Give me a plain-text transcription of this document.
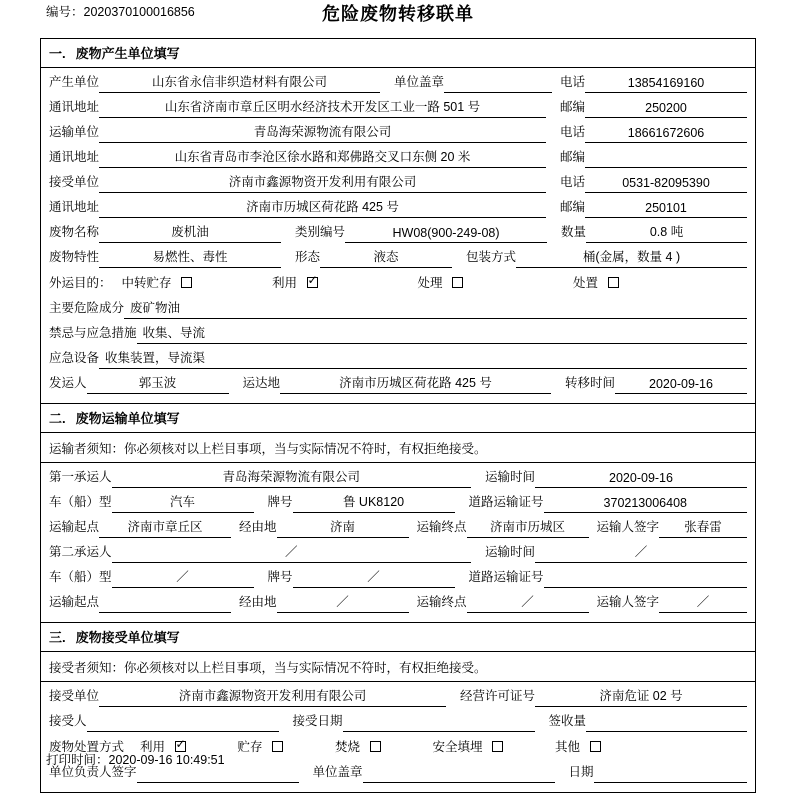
编号：2020370100016856	危险废物转移联单
一. 废物产生单位填写
产生单位	山东省永信非织造材料有限公司	单位盖章	电话	13854169160
通讯地址	山东省济南市章丘区明水经济技术开发区工业一路 501 号	邮编	250200
运输单位	青岛海荣源物流有限公司	电话	18661672606
通讯地址	山东省青岛市李沧区徐水路和郑佛路交叉口东侧 20 米	邮编
接受单位	济南市鑫源物资开发利用有限公司	电话	0531-82095390
通讯地址	济南市历城区荷花路 425 号	邮编	250101
废物名称	废机油	类别编号	HW08(900-249-08)	数量	0.8 吨
废物特性	易燃性、毒性	形态	液态	包装方式	桶(金属，数量 4 )
外运目的： 中转贮存	利用 ✓	处理	处置
主要危险成分 废矿物油
禁忌与应急措施 收集、导流
应急设备 收集装置，导流渠
发运人	郭玉波	运达地	济南市历城区荷花路 425 号	转移时间	2020-09-16
二. 废物运输单位填写
运输者须知：你必须核对以上栏目事项，当与实际情况不符时，有权拒绝接受。
第一承运人	青岛海荣源物流有限公司	运输时间	2020-09-16
车（船）型	汽车	牌号	鲁 UK8120	道路运输证号	370213006408
运输起点	济南市章丘区	经由地	济南	运输终点	济南市历城区	运输人签字	张春雷
第二承运人	／	运输时间	／
车（船）型	／	牌号	／	道路运输证号
运输起点	经由地	／	运输终点	／	运输人签字	／
三. 废物接受单位填写
接受者须知：你必须核对以上栏目事项，当与实际情况不符时，有权拒绝接受。
接受单位	济南市鑫源物资开发利用有限公司	经营许可证号	济南危证 02 号
接受人	接受日期	签收量
废物处置方式 利用 ✓	贮存	焚烧	安全填埋	其他
单位负责人签字	单位盖章	日期
打印时间：2020-09-16 10:49:51
